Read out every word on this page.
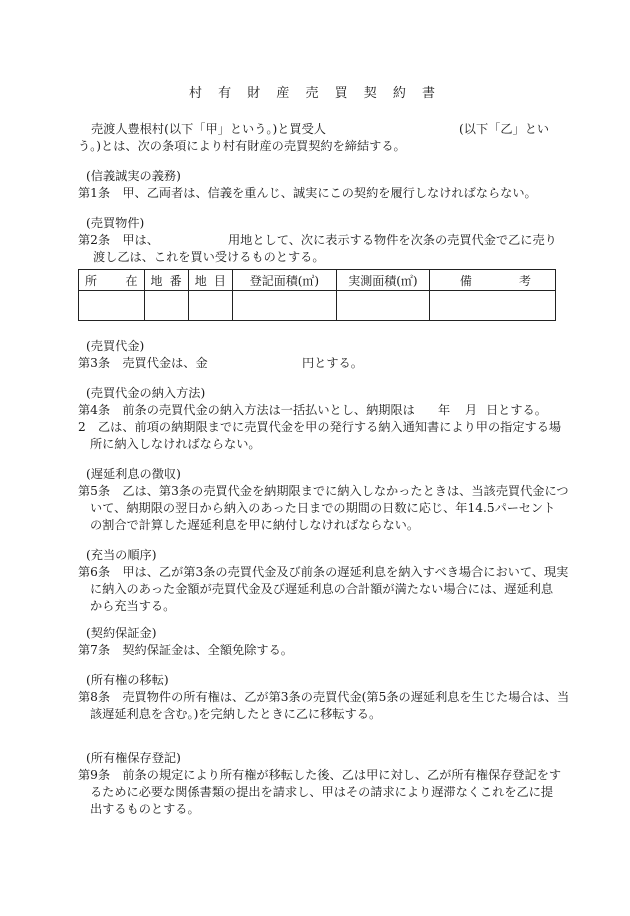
村 有 財 産 売 買 契 約 書
売渡人豊根村(以下「甲」という。)と買受人	(以下「乙」とい
う。)とは、次の条項により村有財産の売買契約を締結する。
(信義誠実の義務)
第1条　甲、乙両者は、信義を重んじ、誠実にこの契約を履行しなければならない。
(売買物件)
第2条　甲は、	用地として、次に表示する物件を次条の売買代金で乙に売り
渡し乙は、これを買い受けるものとする。
所 在	地 番	地 目	登記面積(㎡)	実測面積(㎡)	備 考

(売買代金)
第3条　売買代金は、金	円とする。
(売買代金の納入方法)
第4条　前条の売買代金の納入方法は一括払いとし、納期限は 年 月 日とする。
2　乙は、前項の納期限までに売買代金を甲の発行する納入通知書により甲の指定する場
所に納入しなければならない。
(遅延利息の徴収)
第5条　乙は、第3条の売買代金を納期限までに納入しなかったときは、当該売買代金につ
いて、納期限の翌日から納入のあった日までの期間の日数に応じ、年14.5パーセント
の割合で計算した遅延利息を甲に納付しなければならない。
(充当の順序)
第6条　甲は、乙が第3条の売買代金及び前条の遅延利息を納入すべき場合において、現実
に納入のあった金額が売買代金及び遅延利息の合計額が満たない場合には、遅延利息
から充当する。
(契約保証金)
第7条　契約保証金は、全額免除する。
(所有権の移転)
第8条　売買物件の所有権は、乙が第3条の売買代金(第5条の遅延利息を生じた場合は、当
該遅延利息を含む。)を完納したときに乙に移転する。
(所有権保存登記)
第9条　前条の規定により所有権が移転した後、乙は甲に対し、乙が所有権保存登記をす
るために必要な関係書類の提出を請求し、甲はその請求により遅滞なくこれを乙に提
出するものとする。
